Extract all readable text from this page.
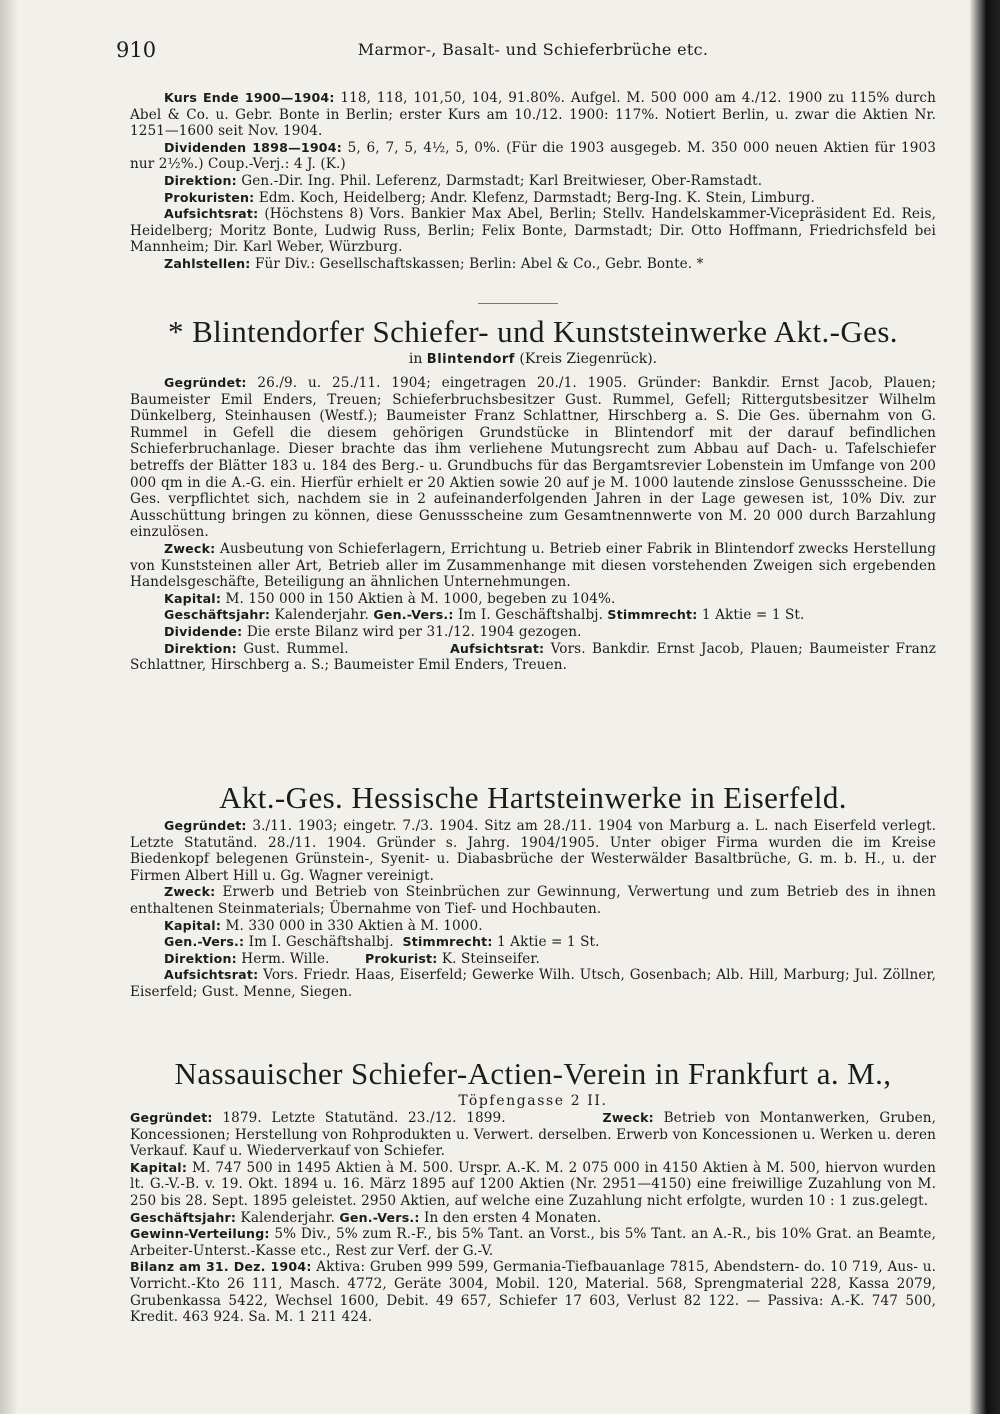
910	Marmor-, Basalt- und Schieferbrüche etc.

Kurs Ende 1900—1904: 118, 118, 101,50, 104, 91.80%. Aufgel. M. 500 000 am 4./12. 1900 zu 115% durch Abel & Co. u. Gebr. Bonte in Berlin; erster Kurs am 10./12. 1900: 117%. Notiert Berlin, u. zwar die Aktien Nr. 1251—1600 seit Nov. 1904.

Dividenden 1898—1904: 5, 6, 7, 5, 4½, 5, 0%. (Für die 1903 ausgegeb. M. 350 000 neuen Aktien für 1903 nur 2½%.) Coup.-Verj.: 4 J. (K.)

Direktion: Gen.-Dir. Ing. Phil. Leferenz, Darmstadt; Karl Breitwieser, Ober-Ramstadt.

Prokuristen: Edm. Koch, Heidelberg; Andr. Klefenz, Darmstadt; Berg-Ing. K. Stein, Limburg.

Aufsichtsrat: (Höchstens 8) Vors. Bankier Max Abel, Berlin; Stellv. Handelskammer-Vicepräsident Ed. Reis, Heidelberg; Moritz Bonte, Ludwig Russ, Berlin; Felix Bonte, Darmstadt; Dir. Otto Hoffmann, Friedrichsfeld bei Mannheim; Dir. Karl Weber, Würzburg.

Zahlstellen: Für Div.: Gesellschaftskassen; Berlin: Abel & Co., Gebr. Bonte. *

* Blintendorfer Schiefer- und Kunststeinwerke Akt.-Ges.

in Blintendorf (Kreis Ziegenrück).

Gegründet: 26./9. u. 25./11. 1904; eingetragen 20./1. 1905. Gründer: Bankdir. Ernst Jacob, Plauen; Baumeister Emil Enders, Treuen; Schieferbruchsbesitzer Gust. Rummel, Gefell; Rittergutsbesitzer Wilhelm Dünkelberg, Steinhausen (Westf.); Baumeister Franz Schlattner, Hirschberg a. S. Die Ges. übernahm von G. Rummel in Gefell die diesem gehörigen Grundstücke in Blintendorf mit der darauf befindlichen Schieferbruchanlage. Dieser brachte das ihm verliehene Mutungsrecht zum Abbau auf Dach- u. Tafelschiefer betreffs der Blätter 183 u. 184 des Berg.- u. Grundbuchs für das Bergamtsrevier Lobenstein im Umfange von 200 000 qm in die A.-G. ein. Hierfür erhielt er 20 Aktien sowie 20 auf je M. 1000 lautende zinslose Genussscheine. Die Ges. verpflichtet sich, nachdem sie in 2 aufeinanderfolgenden Jahren in der Lage gewesen ist, 10% Div. zur Ausschüttung bringen zu können, diese Genussscheine zum Gesamtnennwerte von M. 20 000 durch Barzahlung einzulösen.

Zweck: Ausbeutung von Schieferlagern, Errichtung u. Betrieb einer Fabrik in Blintendorf zwecks Herstellung von Kunststeinen aller Art, Betrieb aller im Zusammenhange mit diesen vorstehenden Zweigen sich ergebenden Handelsgeschäfte, Beteiligung an ähnlichen Unternehmungen.

Kapital: M. 150 000 in 150 Aktien à M. 1000, begeben zu 104%.

Geschäftsjahr: Kalenderjahr. Gen.-Vers.: Im I. Geschäftshalbj. Stimmrecht: 1 Aktie = 1 St.

Dividende: Die erste Bilanz wird per 31./12. 1904 gezogen.

Direktion: Gust. Rummel.	Aufsichtsrat: Vors. Bankdir. Ernst Jacob, Plauen; Baumeister Franz Schlattner, Hirschberg a. S.; Baumeister Emil Enders, Treuen.

Akt.-Ges. Hessische Hartsteinwerke in Eiserfeld.

Gegründet: 3./11. 1903; eingetr. 7./3. 1904. Sitz am 28./11. 1904 von Marburg a. L. nach Eiserfeld verlegt. Letzte Statutänd. 28./11. 1904. Gründer s. Jahrg. 1904/1905. Unter obiger Firma wurden die im Kreise Biedenkopf belegenen Grünstein-, Syenit- u. Diabasbrüche der Westerwälder Basaltbrüche, G. m. b. H., u. der Firmen Albert Hill u. Gg. Wagner vereinigt.

Zweck: Erwerb und Betrieb von Steinbrüchen zur Gewinnung, Verwertung und zum Betrieb des in ihnen enthaltenen Steinmaterials; Übernahme von Tief- und Hochbauten.

Kapital: M. 330 000 in 330 Aktien à M. 1000.

Gen.-Vers.: Im I. Geschäftshalbj. Stimmrecht: 1 Aktie = 1 St.

Direktion: Herm. Wille.	Prokurist: K. Steinseifer.

Aufsichtsrat: Vors. Friedr. Haas, Eiserfeld; Gewerke Wilh. Utsch, Gosenbach; Alb. Hill, Marburg; Jul. Zöllner, Eiserfeld; Gust. Menne, Siegen.

Nassauischer Schiefer-Actien-Verein in Frankfurt a. M.,

Töpfengasse 2 II.

Gegründet: 1879. Letzte Statutänd. 23./12. 1899.	Zweck: Betrieb von Montanwerken, Gruben, Koncessionen; Herstellung von Rohprodukten u. Verwert. derselben. Erwerb von Koncessionen u. Werken u. deren Verkauf. Kauf u. Wiederverkauf von Schiefer.

Kapital: M. 747 500 in 1495 Aktien à M. 500. Urspr. A.-K. M. 2 075 000 in 4150 Aktien à M. 500, hiervon wurden lt. G.-V.-B. v. 19. Okt. 1894 u. 16. März 1895 auf 1200 Aktien (Nr. 2951—4150) eine freiwillige Zuzahlung von M. 250 bis 28. Sept. 1895 geleistet. 2950 Aktien, auf welche eine Zuzahlung nicht erfolgte, wurden 10 : 1 zus.gelegt.

Geschäftsjahr: Kalenderjahr. Gen.-Vers.: In den ersten 4 Monaten.

Gewinn-Verteilung: 5% Div., 5% zum R.-F., bis 5% Tant. an Vorst., bis 5% Tant. an A.-R., bis 10% Grat. an Beamte, Arbeiter-Unterst.-Kasse etc., Rest zur Verf. der G.-V.

Bilanz am 31. Dez. 1904: Aktiva: Gruben 999 599, Germania-Tiefbauanlage 7815, Abendstern- do. 10 719, Aus- u. Vorricht.-Kto 26 111, Masch. 4772, Geräte 3004, Mobil. 120, Material. 568, Sprengmaterial 228, Kassa 2079, Grubenkassa 5422, Wechsel 1600, Debit. 49 657, Schiefer 17 603, Verlust 82 122. — Passiva: A.-K. 747 500, Kredit. 463 924. Sa. M. 1 211 424.
